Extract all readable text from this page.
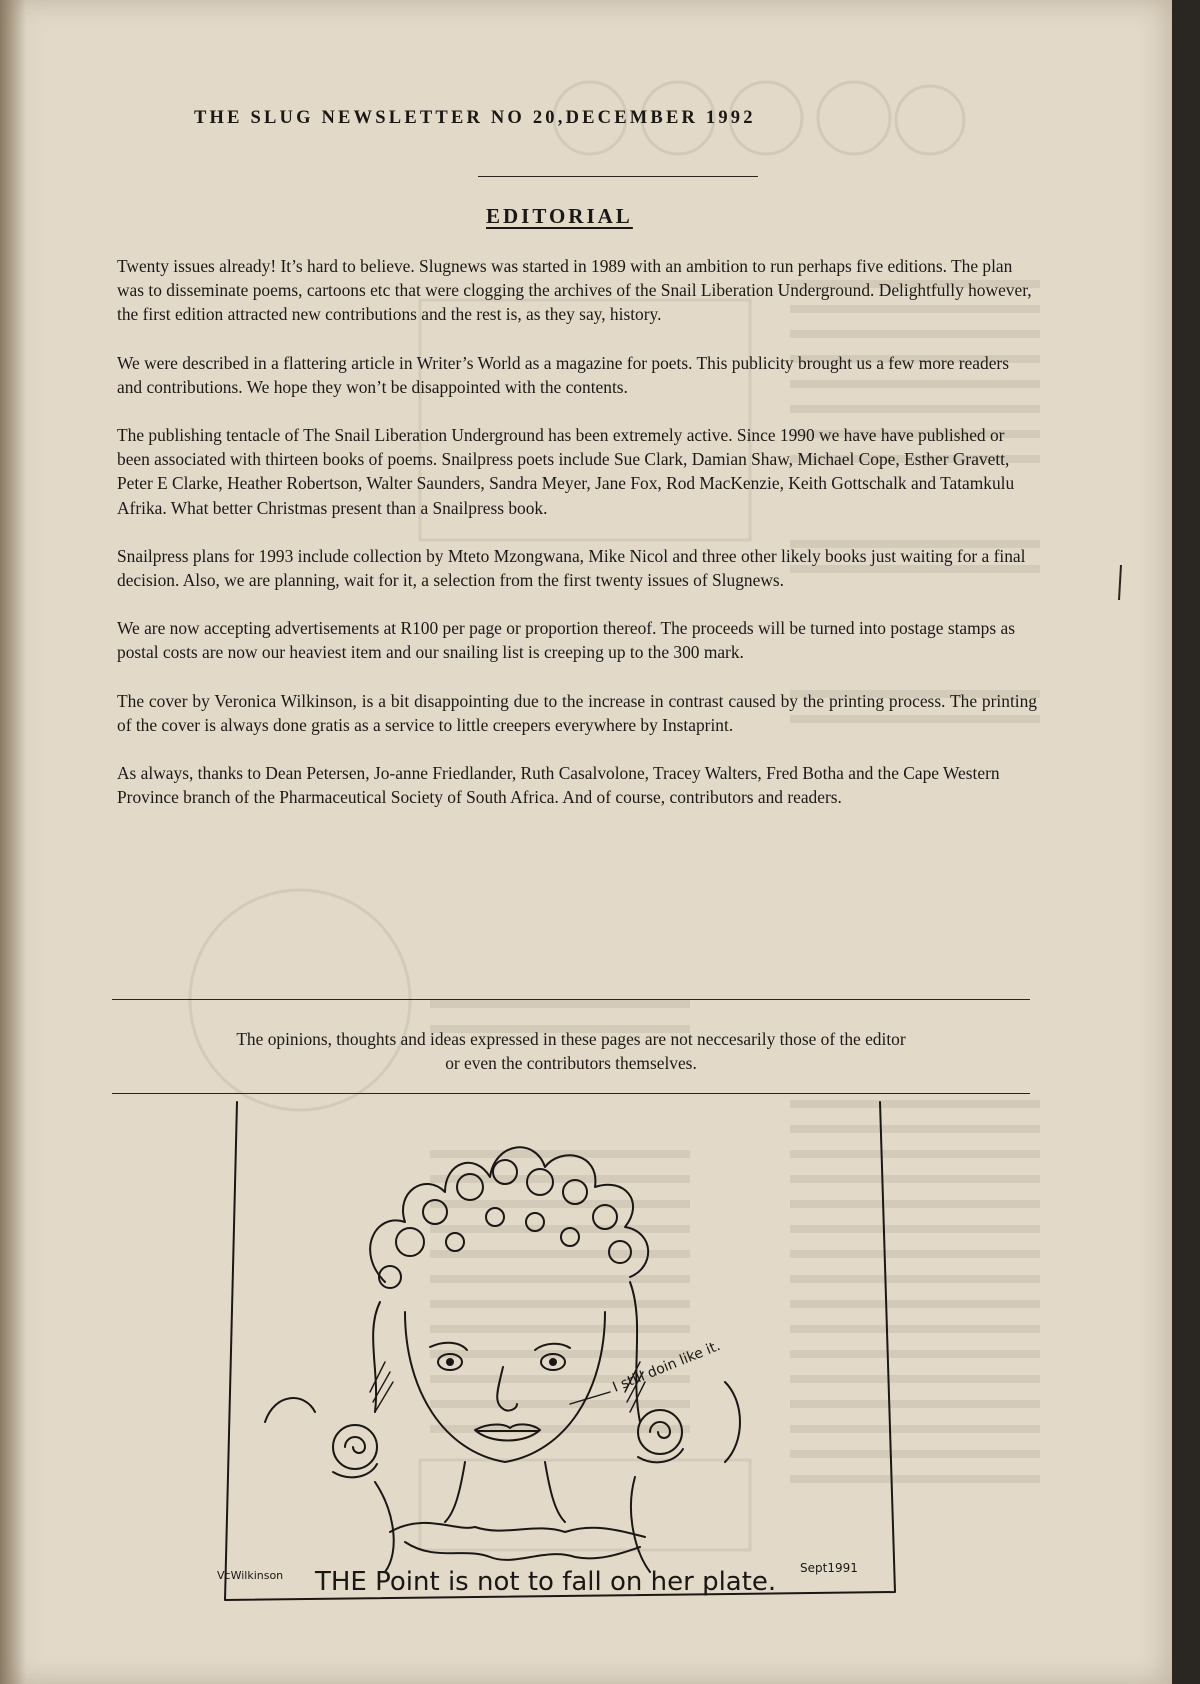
THE SLUG NEWSLETTER NO 20,DECEMBER 1992
EDITORIAL

Twenty issues already! It’s hard to believe. Slugnews was started in 1989 with an ambition to run perhaps five editions. The plan was to disseminate poems, cartoons etc that were clogging the archives of the Snail Liberation Underground. Delightfully however, the first edition attracted new contributions and the rest is, as they say, history.

We were described in a flattering article in Writer’s World as a magazine for poets. This publicity brought us a few more readers and contributions. We hope they won’t be disappointed with the contents.

The publishing tentacle of The Snail Liberation Underground has been extremely active. Since 1990 we have have published or been associated with thirteen books of poems. Snailpress poets include Sue Clark, Damian Shaw, Michael Cope, Esther Gravett, Peter E Clarke, Heather Robertson, Walter Saunders, Sandra Meyer, Jane Fox, Rod MacKenzie, Keith Gottschalk and Tatamkulu Afrika. What better Christmas present than a Snailpress book.

Snailpress plans for 1993 include collection by Mteto Mzongwana, Mike Nicol and three other likely books just waiting for a final decision. Also, we are planning, wait for it, a selection from the first twenty issues of Slugnews.

We are now accepting advertisements at R100 per page or proportion thereof. The proceeds will be turned into postage stamps as postal costs are now our heaviest item and our snailing list is creeping up to the 300 mark.

The cover by Veronica Wilkinson, is a bit disappointing due to the increase in contrast caused by the printing process. The printing of the cover is always done gratis as a service to little creepers everywhere by Instaprint.

As always, thanks to Dean Petersen, Jo-anne Friedlander, Ruth Casalvolone, Tracey Walters, Fred Botha and the Cape Western Province branch of the Pharmaceutical Society of South Africa. And of course, contributors and readers.

The opinions, thoughts and ideas expressed in these pages are not neccesarily those of the editor
or even the contributors themselves.
I still doin like it.
THE Point is not to fall on her plate.
VcWilkinson
Sept1991
